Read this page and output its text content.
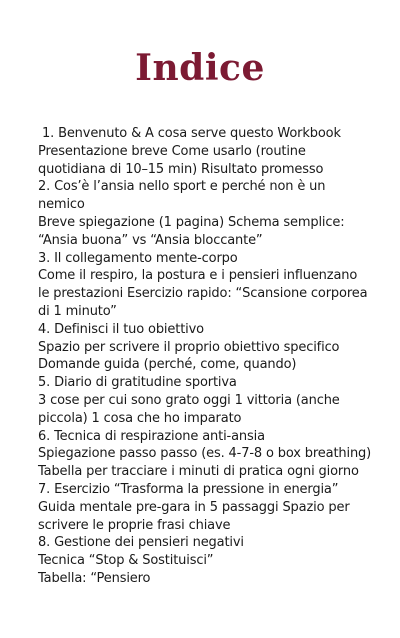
Indice

1. Benvenuto & A cosa serve questo Workbook Presentazione breve Come usarlo (routine quotidiana di 10–15 min) Risultato promesso
2. Cos’è l’ansia nello sport e perché non è un nemico
Breve spiegazione (1 pagina) Schema semplice: “Ansia buona” vs “Ansia bloccante”
3. Il collegamento mente-corpo
Come il respiro, la postura e i pensieri influenzano le prestazioni Esercizio rapido: “Scansione corporea di 1 minuto”
4. Definisci il tuo obiettivo
Spazio per scrivere il proprio obiettivo specifico Domande guida (perché, come, quando)
5. Diario di gratitudine sportiva
3 cose per cui sono grato oggi 1 vittoria (anche piccola) 1 cosa che ho imparato
6. Tecnica di respirazione anti-ansia
Spiegazione passo passo (es. 4-7-8 o box breathing) Tabella per tracciare i minuti di pratica ogni giorno
7. Esercizio “Trasforma la pressione in energia”
Guida mentale pre-gara in 5 passaggi Spazio per scrivere le proprie frasi chiave
8. Gestione dei pensieri negativi
Tecnica “Stop & Sostituisci”
Tabella: “Pensiero
